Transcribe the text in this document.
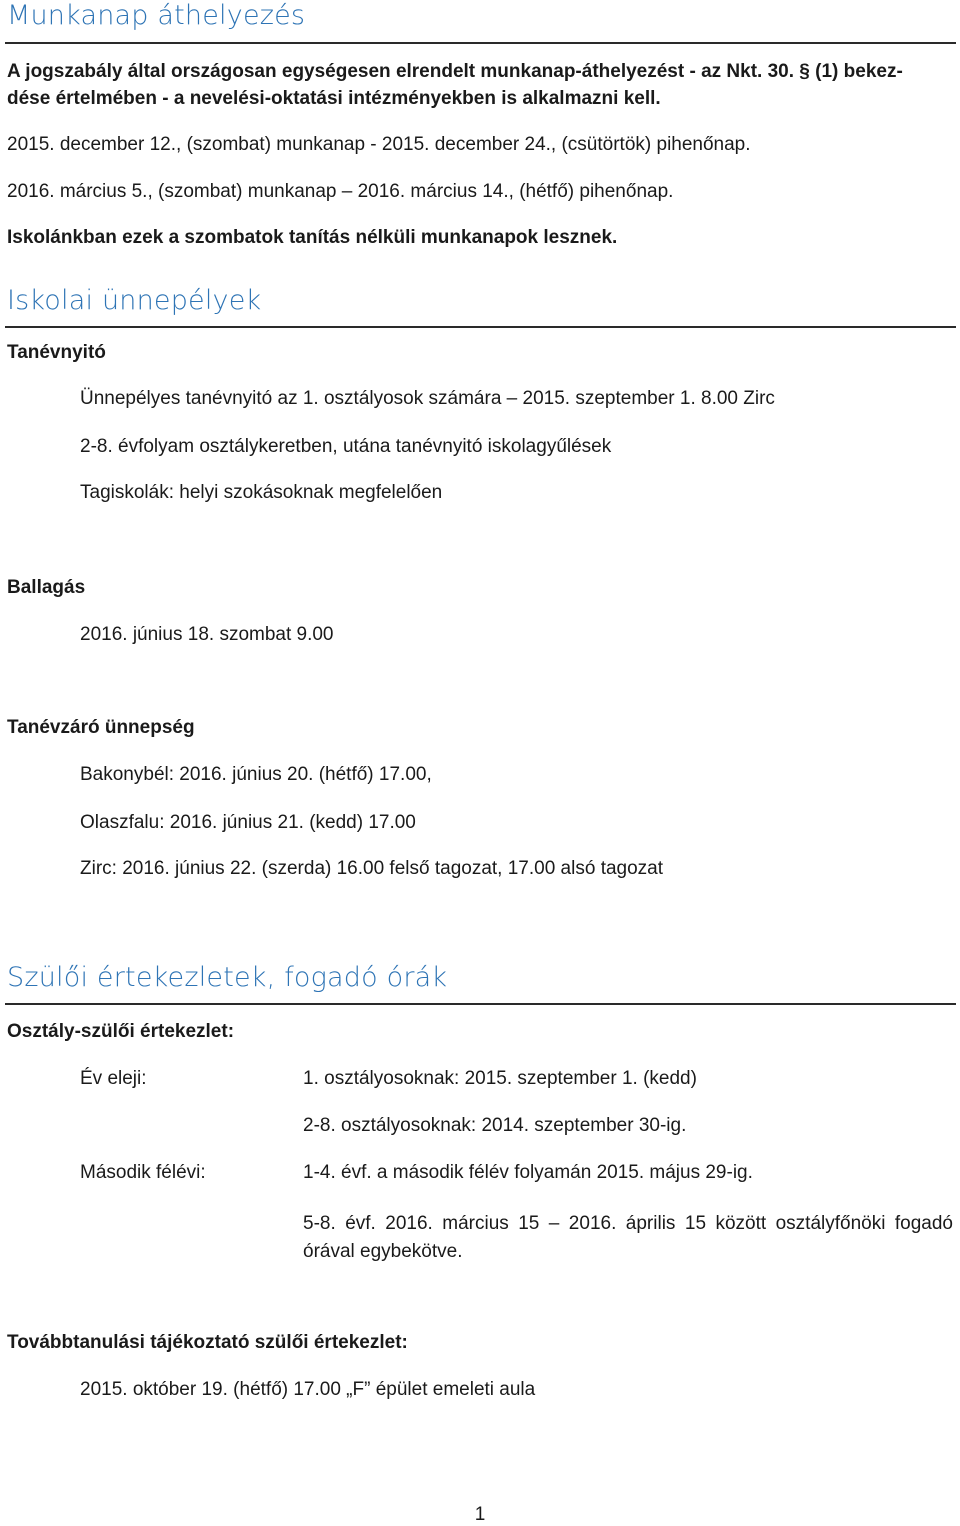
Munkanap áthelyezés
A jogszabály által országosan egységesen elrendelt munkanap-áthelyezést - az Nkt. 30. § (1) bekez-
dése értelmében - a nevelési-oktatási intézményekben is alkalmazni kell.
2015. december 12., (szombat) munkanap - 2015. december 24., (csütörtök) pihenőnap.
2016. március 5., (szombat) munkanap – 2016. március 14., (hétfő) pihenőnap.
Iskolánkban ezek a szombatok tanítás nélküli munkanapok lesznek.
Iskolai ünnepélyek
Tanévnyitó
Ünnepélyes tanévnyitó az 1. osztályosok számára – 2015. szeptember 1. 8.00 Zirc
2-8. évfolyam osztálykeretben, utána tanévnyitó iskolagyűlések
Tagiskolák: helyi szokásoknak megfelelően
Ballagás
2016. június 18. szombat 9.00
Tanévzáró ünnepség
Bakonybél: 2016. június 20. (hétfő) 17.00,
Olaszfalu: 2016. június 21. (kedd) 17.00
Zirc: 2016. június 22. (szerda) 16.00 felső tagozat, 17.00 alsó tagozat
Szülői értekezletek, fogadó órák
Osztály-szülői értekezlet:
Év eleji:	1. osztályosoknak: 2015. szeptember 1. (kedd)
2-8. osztályosoknak: 2014. szeptember 30-ig.
Második félévi:	1-4. évf. a második félév folyamán 2015. május 29-ig.
5-8. évf. 2016. március 15 – 2016. április 15 között osztályfőnöki fogadó órával egybekötve.
Továbbtanulási tájékoztató szülői értekezlet:
2015. október 19. (hétfő) 17.00 „F” épület emeleti aula
1
